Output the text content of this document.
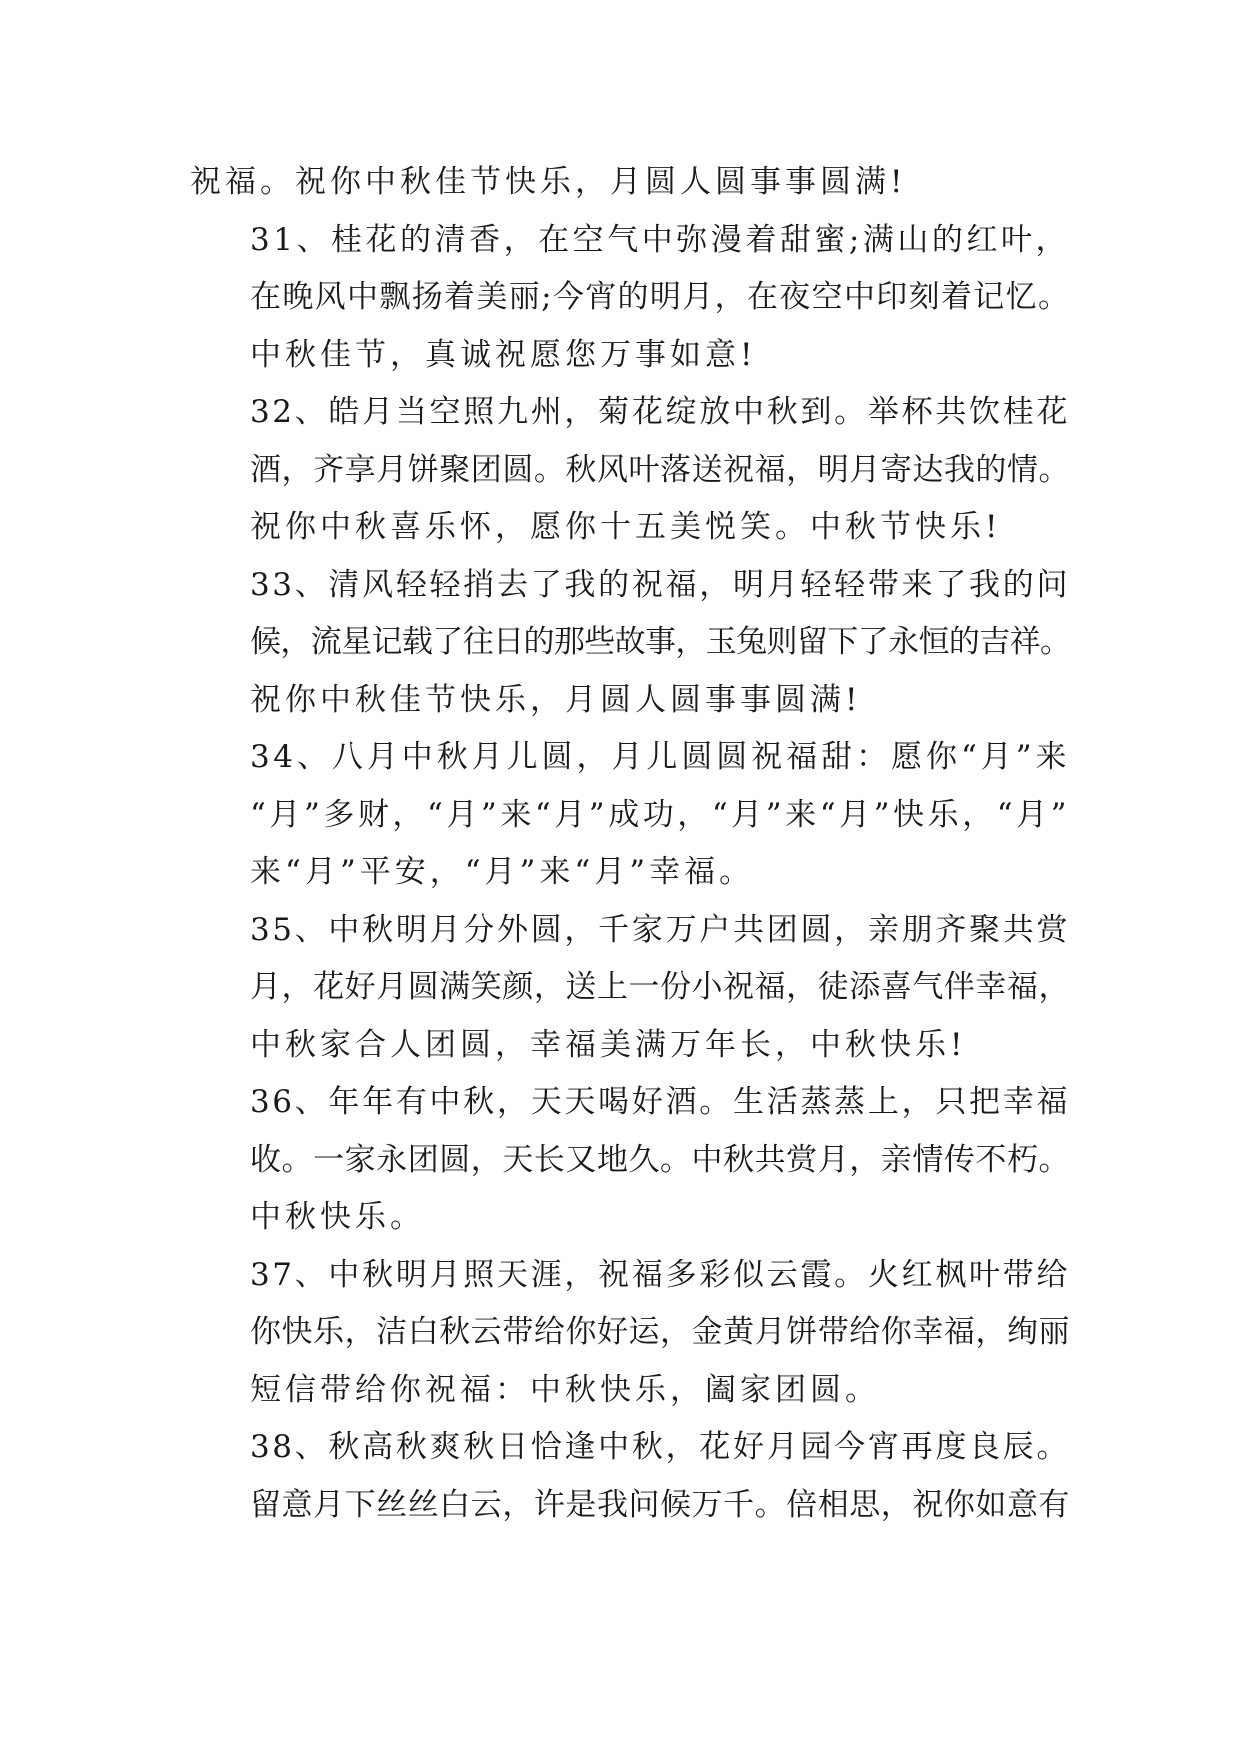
祝福。祝你中秋佳节快乐，月圆人圆事事圆满!

31、桂花的清香，在空气中弥漫着甜蜜;满山的红叶，
在晚风中飘扬着美丽;今宵的明月，在夜空中印刻着记忆。
中秋佳节，真诚祝愿您万事如意!

32、皓月当空照九州，菊花绽放中秋到。举杯共饮桂花
酒，齐享月饼聚团圆。秋风叶落送祝福，明月寄达我的情。
祝你中秋喜乐怀，愿你十五美悦笑。中秋节快乐!

33、清风轻轻捎去了我的祝福，明月轻轻带来了我的问
候，流星记载了往日的那些故事，玉兔则留下了永恒的吉祥。
祝你中秋佳节快乐，月圆人圆事事圆满!

34、八月中秋月儿圆，月儿圆圆祝福甜：愿你“月”来
“月”多财，“月”来“月”成功，“月”来“月”快乐，“月”
来“月”平安，“月”来“月”幸福。

35、中秋明月分外圆，千家万户共团圆，亲朋齐聚共赏
月，花好月圆满笑颜，送上一份小祝福，徒添喜气伴幸福，
中秋家合人团圆，幸福美满万年长，中秋快乐!

36、年年有中秋，天天喝好酒。生活蒸蒸上，只把幸福
收。一家永团圆，天长又地久。中秋共赏月，亲情传不朽。
中秋快乐。

37、中秋明月照天涯，祝福多彩似云霞。火红枫叶带给
你快乐，洁白秋云带给你好运，金黄月饼带给你幸福，绚丽
短信带给你祝福：中秋快乐，阖家团圆。

38、秋高秋爽秋日恰逢中秋，花好月园今宵再度良辰。
留意月下丝丝白云，许是我问候万千。倍相思，祝你如意有
